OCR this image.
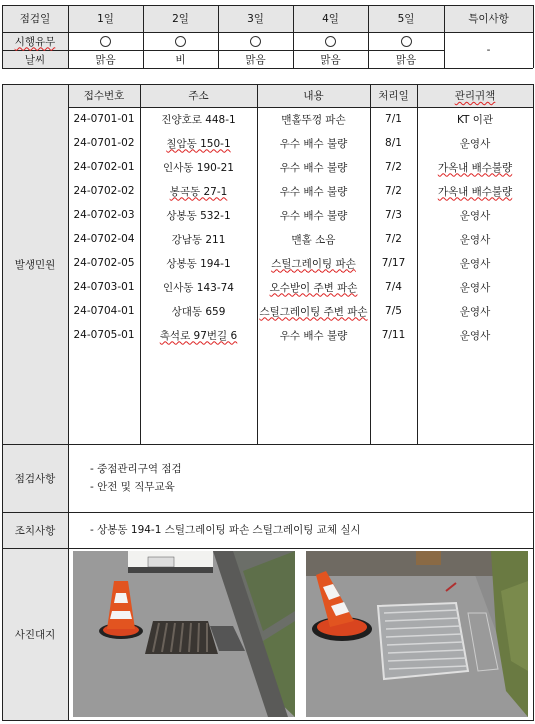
점검일	1일	2일	3일	4일	5일	특이사항
시행유무
날씨	맑음	비	맑음	맑음	맑음
-
접수번호	주소	내용	처리일	관리귀책
발생민원
24-0701-01	진양호로 448-1	맨홀뚜껑 파손	7/1	KT 이관
24-0701-02	칠암동 150-1	우수 배수 불량	8/1	운영사
24-0702-01	인사동 190-21	우수 배수 불량	7/2	가옥내 배수불량
24-0702-02	봉곡동 27-1	우수 배수 불량	7/2	가옥내 배수불량
24-0702-03	상봉동 532-1	우수 배수 불량	7/3	운영사
24-0702-04	강남동 211	맨홀 소음	7/2	운영사
24-0702-05	상봉동 194-1	스틸그레이팅 파손 7/17	운영사
24-0703-01	인사동 143-74	오수받이 주변 파손	7/4	운영사
24-0704-01	상대동 659	스틸그레이팅 주변 파손 7/5	운영사
24-0705-01 촉석로 97번길 6	우수 배수 불량	7/11	운영사
점검사항
- 중점관리구역 점검
- 안전 및 직무교육
조치사항	- 상봉동 194-1 스틸그레이팅 파손 스틸그레이팅 교체 실시
사진대지
